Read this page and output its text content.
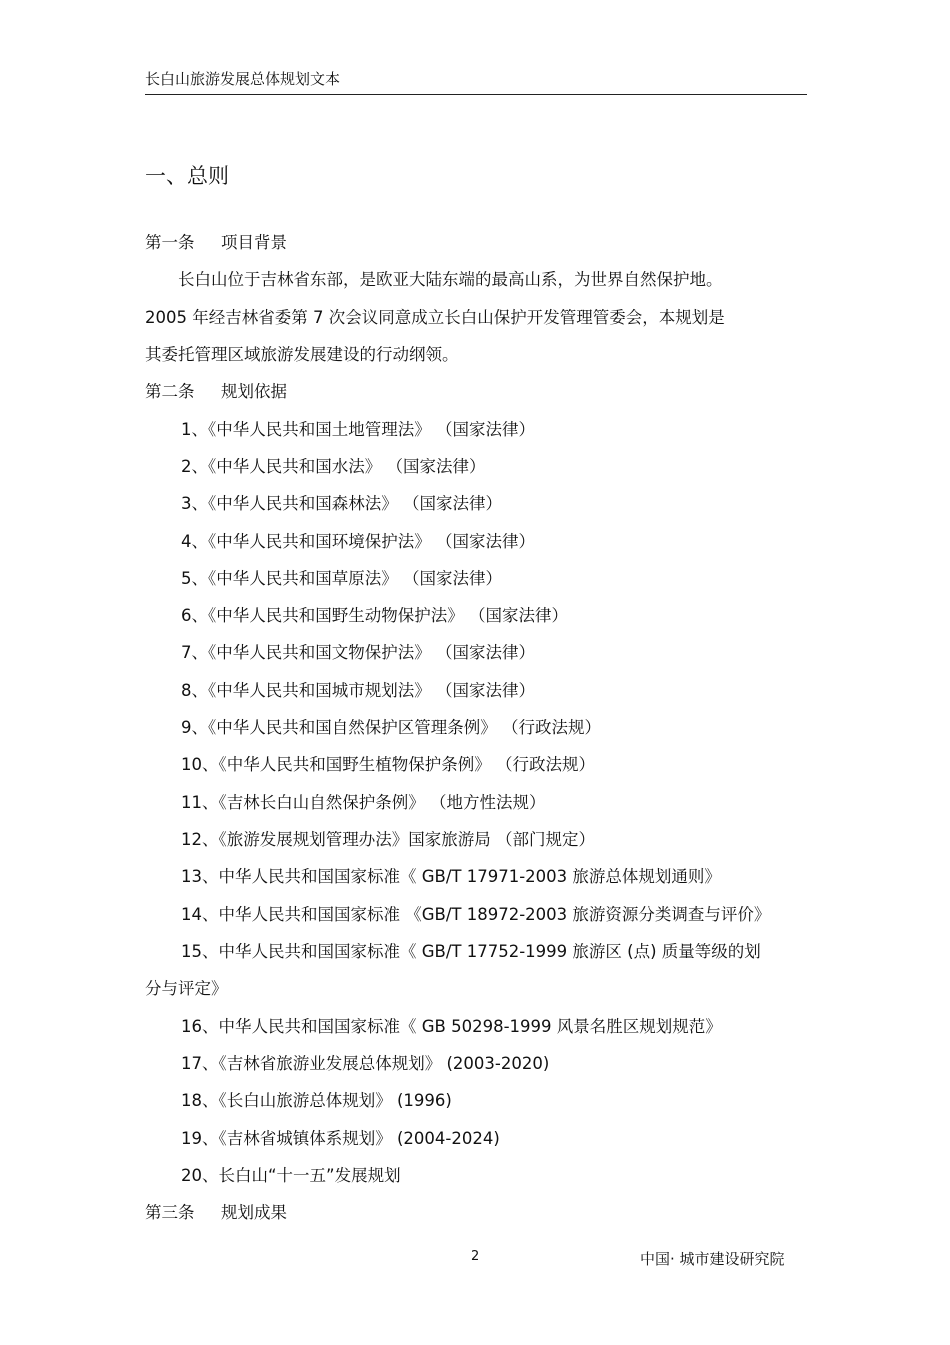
长白山旅游发展总体规划文本
一、总则
第一条 项目背景
长白山位于吉林省东部，是欧亚大陆东端的最高山系，为世界自然保护地。
2005 年经吉林省委第 7 次会议同意成立长白山保护开发管理管委会，本规划是
其委托管理区域旅游发展建设的行动纲领。
第二条 规划依据
1、《中华人民共和国土地管理法》 （国家法律）
2、《中华人民共和国水法》 （国家法律）
3、《中华人民共和国森林法》 （国家法律）
4、《中华人民共和国环境保护法》 （国家法律）
5、《中华人民共和国草原法》 （国家法律）
6、《中华人民共和国野生动物保护法》 （国家法律）
7、《中华人民共和国文物保护法》 （国家法律）
8、《中华人民共和国城市规划法》 （国家法律）
9、《中华人民共和国自然保护区管理条例》 （行政法规）
10、《中华人民共和国野生植物保护条例》 （行政法规）
11、《吉林长白山自然保护条例》 （地方性法规）
12、《旅游发展规划管理办法》国家旅游局 （部门规定）
13、中华人民共和国国家标准《 GB/T 17971-2003 旅游总体规划通则》
14、中华人民共和国国家标准 《GB/T 18972-2003 旅游资源分类调查与评价》
15、中华人民共和国国家标准《 GB/T 17752-1999 旅游区 (点) 质量等级的划
分与评定》
16、中华人民共和国国家标准《 GB 50298-1999 风景名胜区规划规范》
17、《吉林省旅游业发展总体规划》 (2003-2020)
18、《长白山旅游总体规划》 (1996)
19、《吉林省城镇体系规划》 (2004-2024)
20、长白山“十一五”发展规划
第三条 规划成果
2	中国· 城市建设研究院
